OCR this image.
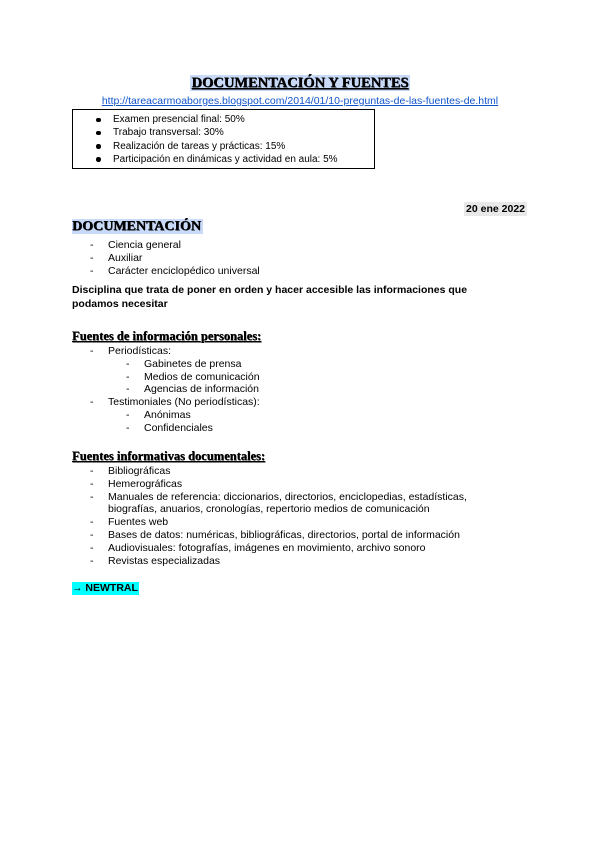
DOCUMENTACIÓN Y FUENTES
http://tareacarmoaborges.blogspot.com/2014/01/10-preguntas-de-las-fuentes-de.html
Examen presencial final: 50%
Trabajo transversal: 30%
Realización de tareas y prácticas: 15%
Participación en dinámicas y actividad en aula: 5%
20 ene 2022
DOCUMENTACIÓN
- Ciencia general
- Auxiliar
- Carácter enciclopédico universal
Disciplina que trata de poner en orden y hacer accesible las informaciones que podamos necesitar
Fuentes de información personales:
- Periodísticas:
- Gabinetes de prensa
- Medios de comunicación
- Agencias de información
- Testimoniales (No periodísticas):
- Anónimas
- Confidenciales
Fuentes informativas documentales:
- Bibliográficas
- Hemerográficas
- Manuales de referencia: diccionarios, directorios, enciclopedias, estadísticas,
biografías, anuarios, cronologías, repertorio medios de comunicación
- Fuentes web
- Bases de datos: numéricas, bibliográficas, directorios, portal de información
- Audiovisuales: fotografías, imágenes en movimiento, archivo sonoro
- Revistas especializadas
→ NEWTRAL
